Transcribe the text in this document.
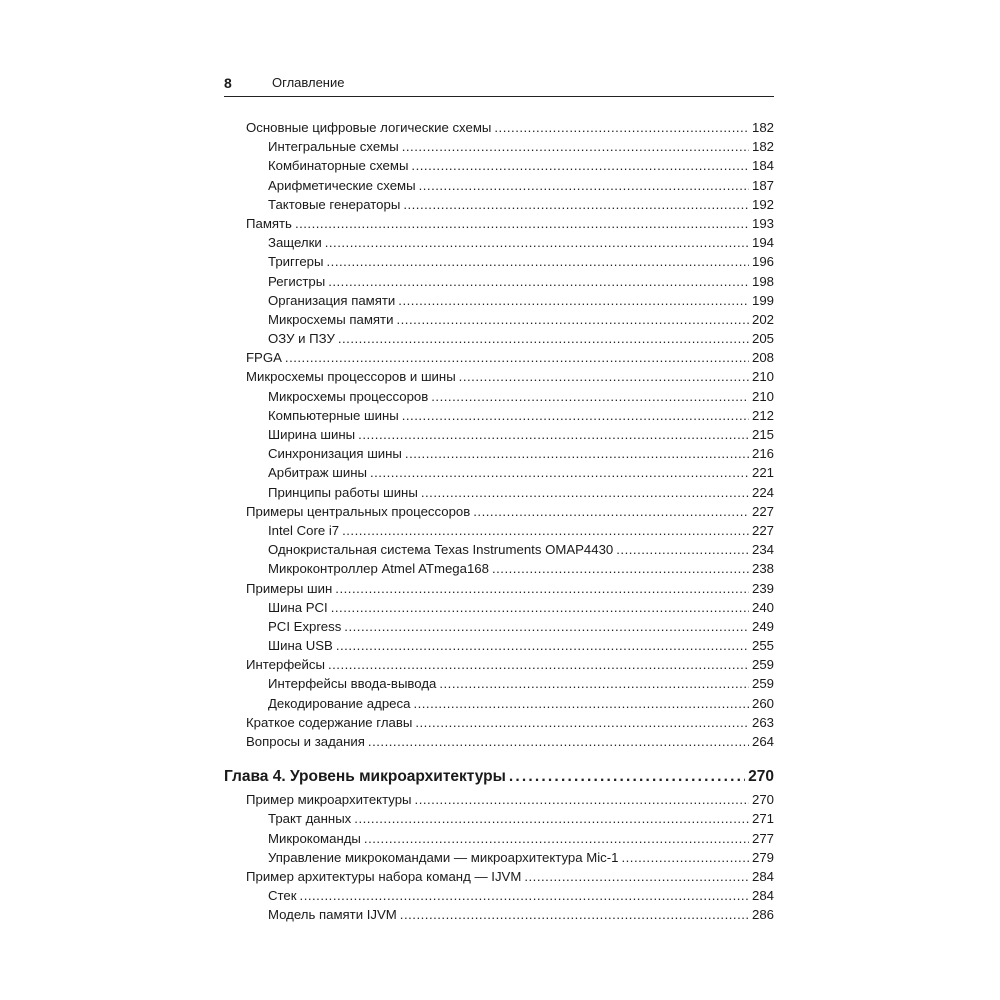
8	Оглавление
Основные цифровые логические схемы .....	182
Интегральные схемы .....	182
Комбинаторные схемы .....	184
Арифметические схемы .....	187
Тактовые генераторы .....	192
Память .....	193
Защелки .....	194
Триггеры .....	196
Регистры .....	198
Организация памяти .....	199
Микросхемы памяти .....	202
ОЗУ и ПЗУ .....	205
FPGA .....	208
Микросхемы процессоров и шины .....	210
Микросхемы процессоров .....	210
Компьютерные шины .....	212
Ширина шины .....	215
Синхронизация шины .....	216
Арбитраж шины .....	221
Принципы работы шины .....	224
Примеры центральных процессоров .....	227
Intel Core i7 .....	227
Однокристальная система Texas Instruments OMAP4430 .....	234
Микроконтроллер Atmel ATmega168 .....	238
Примеры шин .....	239
Шина PCI .....	240
PCI Express .....	249
Шина USB .....	255
Интерфейсы .....	259
Интерфейсы ввода-вывода .....	259
Декодирование адреса .....	260
Краткое содержание главы .....	263
Вопросы и задания .....	264
Глава 4. Уровень микроархитектуры .....	270
Пример микроархитектуры .....	270
Тракт данных .....	271
Микрокоманды .....	277
Управление микрокомандами — микроархитектура Mic-1 .....	279
Пример архитектуры набора команд — IJVM .....	284
Стек .....	284
Модель памяти IJVM .....	286
